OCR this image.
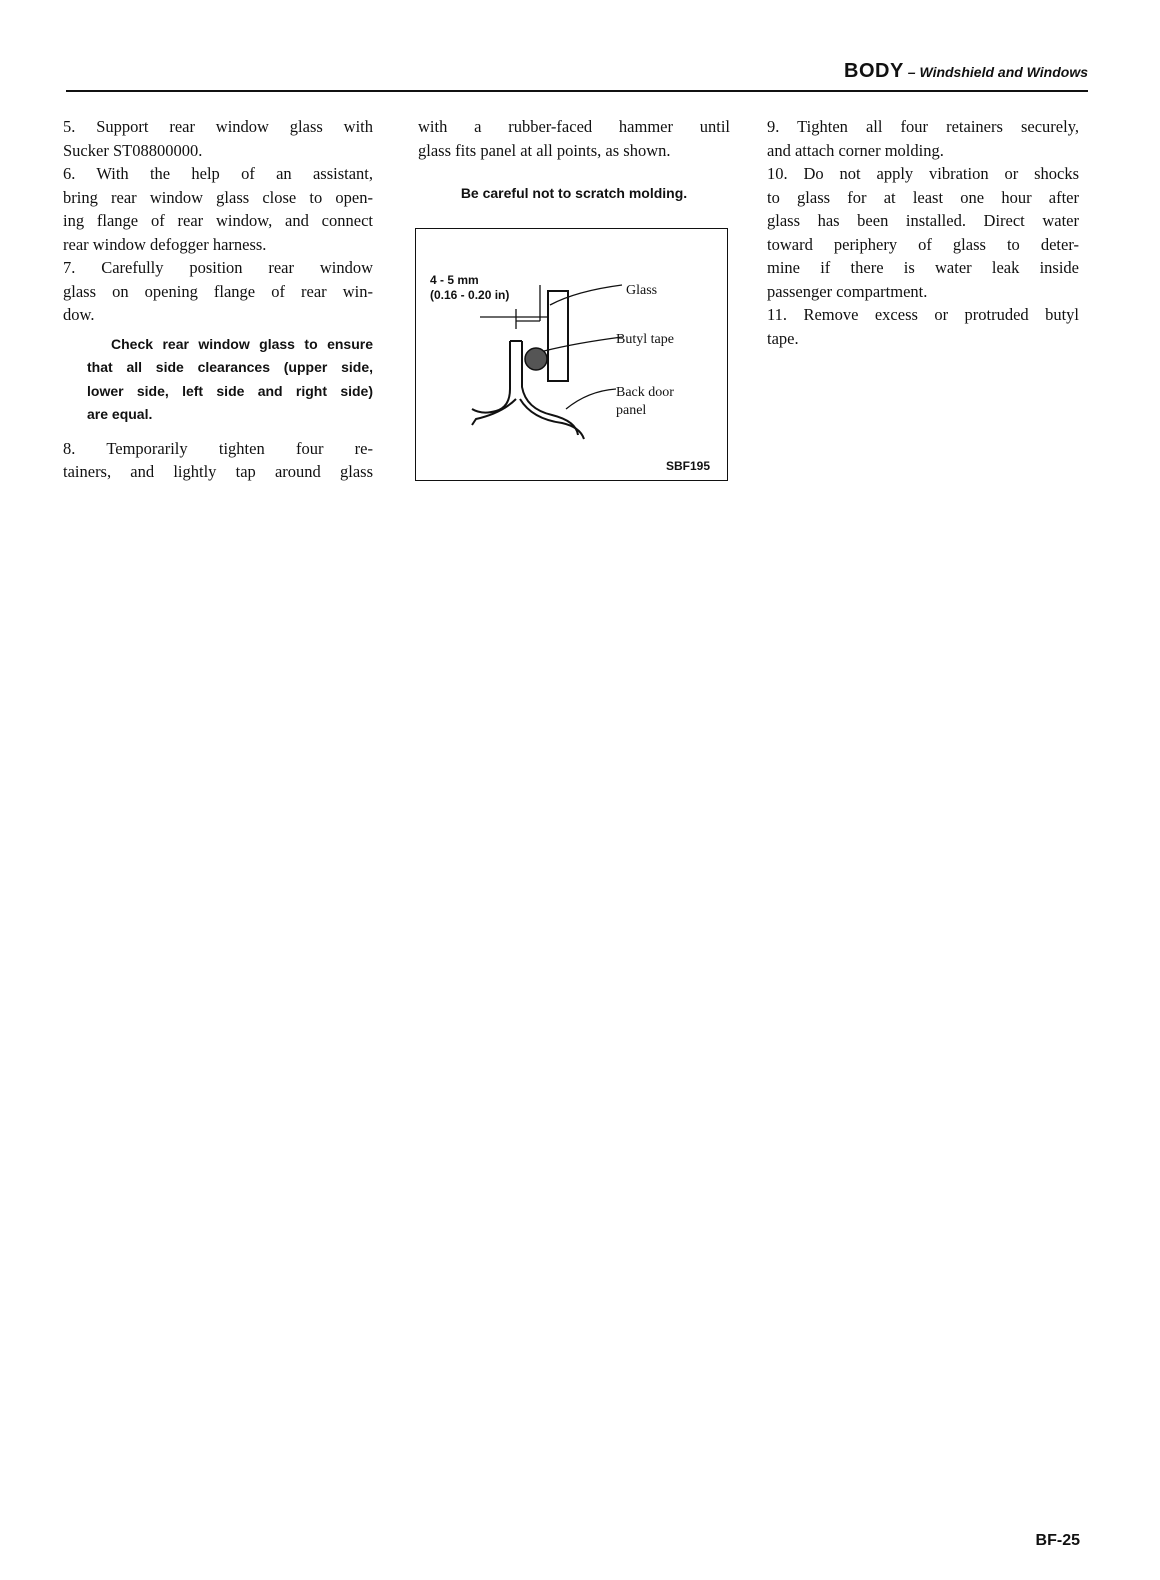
BODY – Windshield and Windows

5. Support rear window glass with

Sucker ST08800000.

6. With the help of an assistant,

bring rear window glass close to open-

ing flange of rear window, and connect

rear window defogger harness.

7. Carefully position rear window

glass on opening flange of rear win-

dow.

Check rear window glass to ensure

that all side clearances (upper side,

lower side, left side and right side)

are equal.

8. Temporarily tighten four re-

tainers, and lightly tap around glass

with a rubber-faced hammer until

glass fits panel at all points, as shown.

Be careful not to scratch molding.

4 - 5 mm
(0.16 - 0.20 in)	Glass
Butyl tape
Back door
panel
SBF195

9. Tighten all four retainers securely,

and attach corner molding.

10. Do not apply vibration or shocks

to glass for at least one hour after

glass has been installed. Direct water

toward periphery of glass to deter-

mine if there is water leak inside

passenger compartment.

11. Remove excess or protruded butyl

tape.

BF-25
